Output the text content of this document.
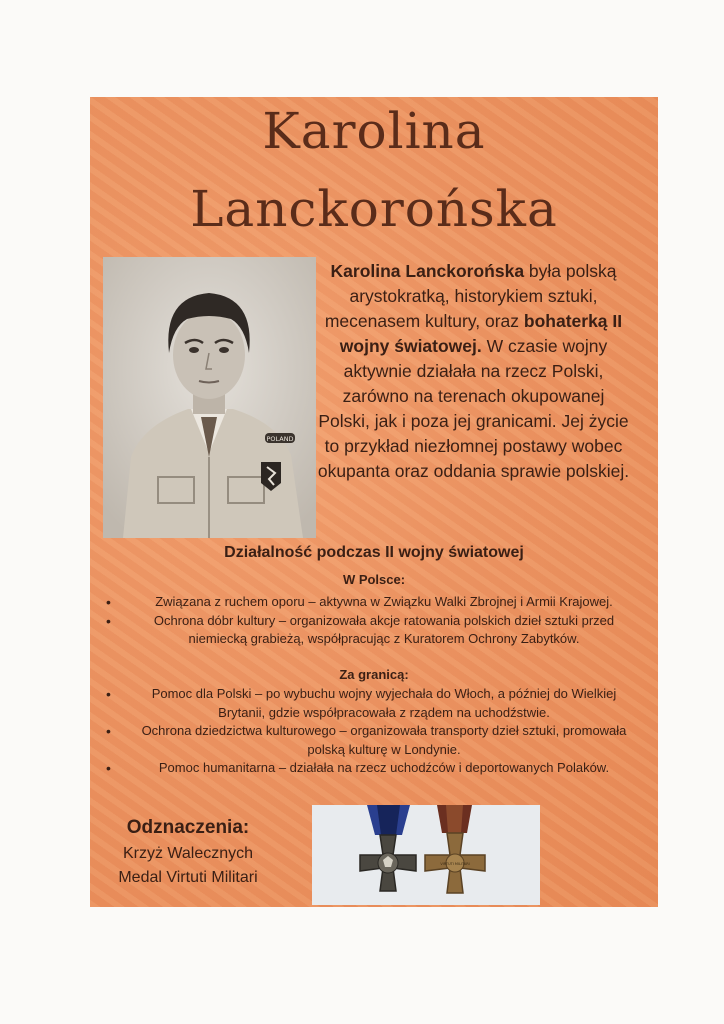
Karolina
Lanckorońska
POLAND
Karolina Lanckorońska była polską arystokratką, historykiem sztuki, mecenasem kultury, oraz bohaterką II wojny światowej. W czasie wojny aktywnie działała na rzecz Polski, zarówno na terenach okupowanej Polski, jak i poza jej granicami. Jej życie to przykład niezłomnej postawy wobec okupanta oraz oddania sprawie polskiej.
Działalność podczas II wojny światowej
W Polsce:
• Związana z ruchem oporu – aktywna w Związku Walki Zbrojnej i Armii Krajowej.
• Ochrona dóbr kultury – organizowała akcje ratowania polskich dzieł sztuki przed niemiecką grabieżą, współpracując z Kuratorem Ochrony Zabytków.
Za granicą:
• Pomoc dla Polski – po wybuchu wojny wyjechała do Włoch, a później do Wielkiej Brytanii, gdzie współpracowała z rządem na uchodźstwie.
• Ochrona dziedzictwa kulturowego – organizowała transporty dzieł sztuki, promowała polską kulturę w Londynie.
• Pomoc humanitarna – działała na rzecz uchodźców i deportowanych Polaków.
Odznaczenia:
Krzyż Walecznych
Medal Virtuti Militari
VIRTUTI MILITARI
